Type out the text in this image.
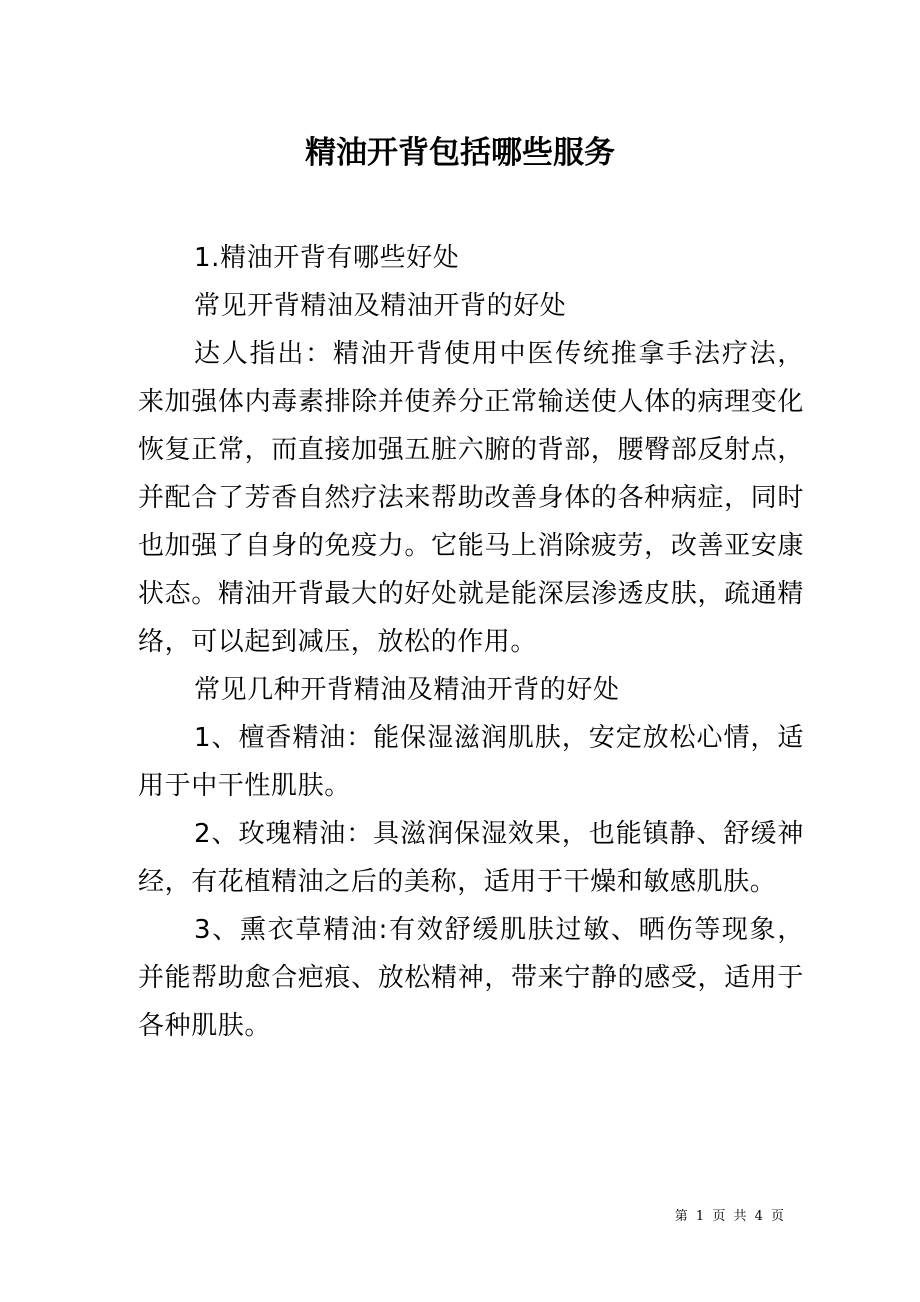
精油开背包括哪些服务

1.精油开背有哪些好处

常见开背精油及精油开背的好处

达人指出：精油开背使用中医传统推拿手法疗法，来加强体内毒素排除并使养分正常输送使人体的病理变化恢复正常，而直接加强五脏六腑的背部，腰臀部反射点，并配合了芳香自然疗法来帮助改善身体的各种病症，同时也加强了自身的免疫力。它能马上消除疲劳，改善亚安康状态。精油开背最大的好处就是能深层渗透皮肤，疏通精络，可以起到减压，放松的作用。

常见几种开背精油及精油开背的好处

1、檀香精油：能保湿滋润肌肤，安定放松心情，适用于中干性肌肤。

2、玫瑰精油：具滋润保湿效果，也能镇静、舒缓神经，有花植精油之后的美称，适用于干燥和敏感肌肤。

3、熏衣草精油:有效舒缓肌肤过敏、晒伤等现象，并能帮助愈合疤痕、放松精神，带来宁静的感受，适用于各种肌肤。

第 1 页 共 4 页
